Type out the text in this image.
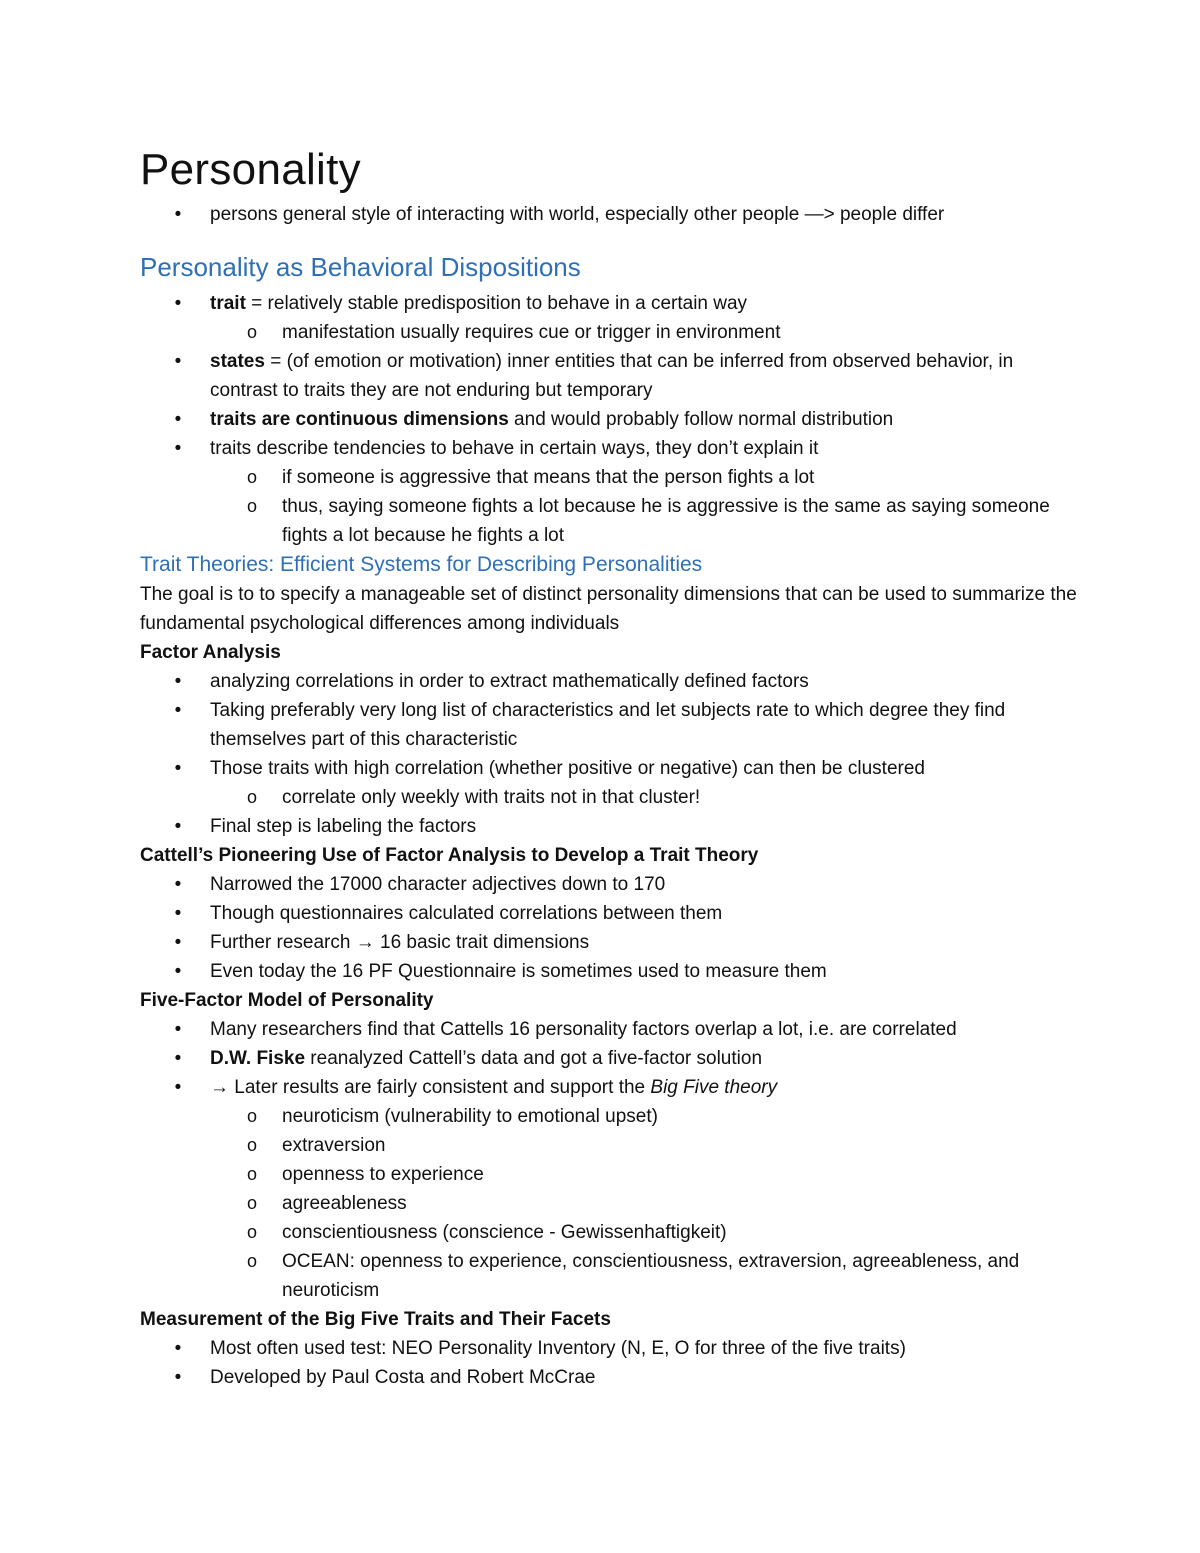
Personality
•
persons general style of interacting with world, especially other people —> people differ
Personality as Behavioral Dispositions
•
trait = relatively stable predisposition to behave in a certain way
o
manifestation usually requires cue or trigger in environment
•
states = (of emotion or motivation) inner entities that can be inferred from observed behavior, in contrast to traits they are not enduring but temporary
•
traits are continuous dimensions and would probably follow normal distribution
•
traits describe tendencies to behave in certain ways, they don’t explain it
o
if someone is aggressive that means that the person fights a lot
o
thus, saying someone fights a lot because he is aggressive is the same as saying someone fights a lot because he fights a lot
Trait Theories: Efficient Systems for Describing Personalities

The goal is to to specify a manageable set of distinct personality dimensions that can be used to summarize the fundamental psychological differences among individuals

Factor Analysis
•
analyzing correlations in order to extract mathematically defined factors
•
Taking preferably very long list of characteristics and let subjects rate to which degree they find themselves part of this characteristic
•
Those traits with high correlation (whether positive or negative) can then be clustered
o
correlate only weekly with traits not in that cluster!
•
Final step is labeling the factors
Cattell’s Pioneering Use of Factor Analysis to Develop a Trait Theory
•
Narrowed the 17000 character adjectives down to 170
•
Though questionnaires calculated correlations between them
•
Further research → 16 basic trait dimensions
•
Even today the 16 PF Questionnaire is sometimes used to measure them
Five-Factor Model of Personality
•
Many researchers find that Cattells 16 personality factors overlap a lot, i.e. are correlated
•
D.W. Fiske reanalyzed Cattell’s data and got a five-factor solution
•
→ Later results are fairly consistent and support the Big Five theory
o
neuroticism (vulnerability to emotional upset)
o
extraversion
o
openness to experience
o
agreeableness
o
conscientiousness (conscience - Gewissenhaftigkeit)
o
OCEAN: openness to experience, conscientiousness, extraversion, agreeableness, and neuroticism
Measurement of the Big Five Traits and Their Facets
•
Most often used test: NEO Personality Inventory (N, E, O for three of the five traits)
•
Developed by Paul Costa and Robert McCrae
